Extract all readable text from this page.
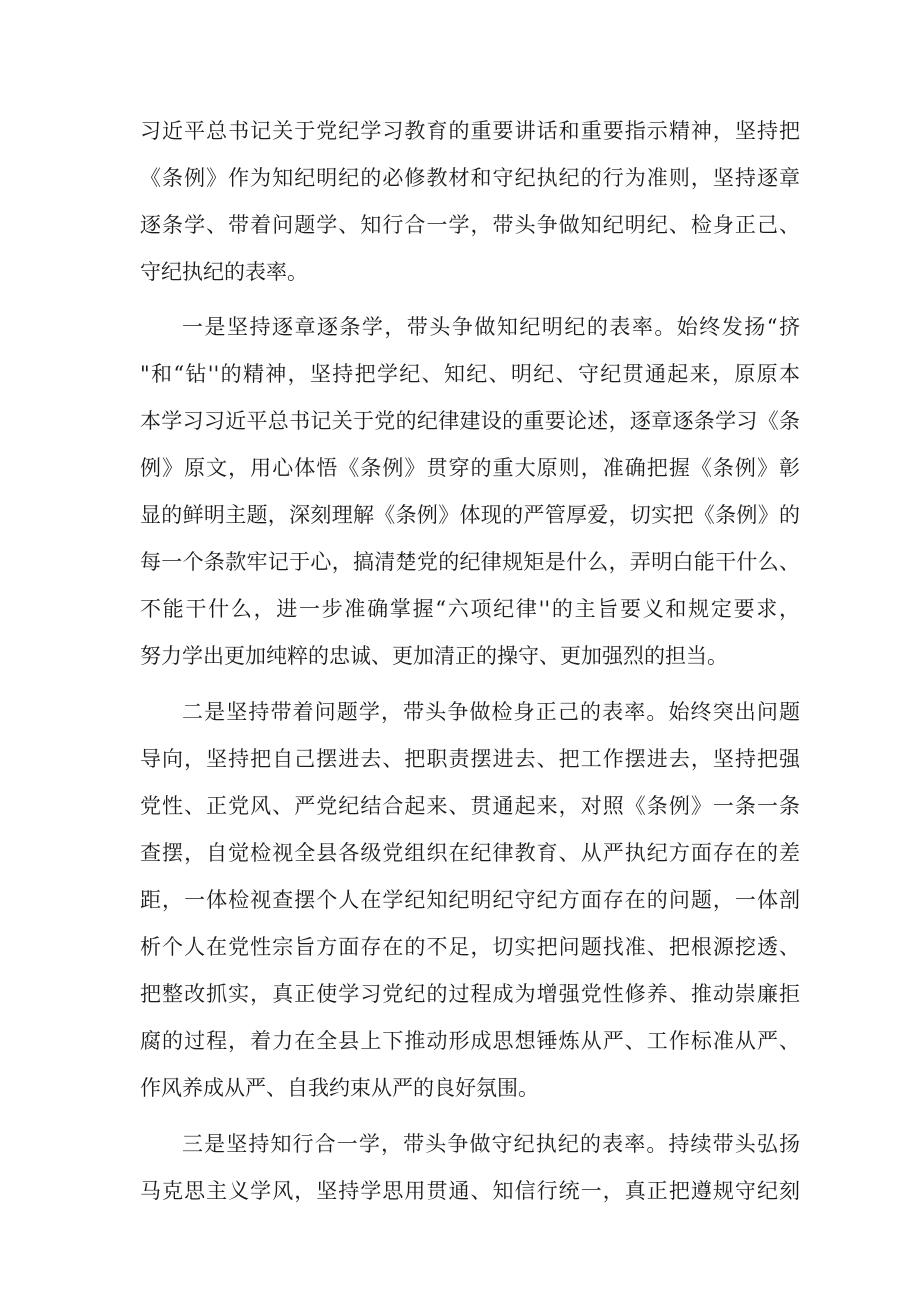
习近平总书记关于党纪学习教育的重要讲话和重要指示精神，坚持把

《条例》作为知纪明纪的必修教材和守纪执纪的行为准则，坚持逐章

逐条学、带着问题学、知行合一学，带头争做知纪明纪、检身正己、

守纪执纪的表率。

一是坚持逐章逐条学，带头争做知纪明纪的表率。始终发扬“挤

"和“钻''的精神，坚持把学纪、知纪、明纪、守纪贯通起来，原原本

本学习习近平总书记关于党的纪律建设的重要论述，逐章逐条学习《条

例》原文，用心体悟《条例》贯穿的重大原则，准确把握《条例》彰

显的鲜明主题，深刻理解《条例》体现的严管厚爱，切实把《条例》的

每一个条款牢记于心，搞清楚党的纪律规矩是什么，弄明白能干什么、

不能干什么，进一步准确掌握“六项纪律''的主旨要义和规定要求，

努力学出更加纯粹的忠诚、更加清正的操守、更加强烈的担当。

二是坚持带着问题学，带头争做检身正己的表率。始终突出问题

导向，坚持把自己摆进去、把职责摆进去、把工作摆进去，坚持把强

党性、正党风、严党纪结合起来、贯通起来，对照《条例》一条一条

查摆，自觉检视全县各级党组织在纪律教育、从严执纪方面存在的差

距，一体检视查摆个人在学纪知纪明纪守纪方面存在的问题，一体剖

析个人在党性宗旨方面存在的不足，切实把问题找准、把根源挖透、

把整改抓实，真正使学习党纪的过程成为增强党性修养、推动崇廉拒

腐的过程，着力在全县上下推动形成思想锤炼从严、工作标准从严、

作风养成从严、自我约束从严的良好氛围。

三是坚持知行合一学，带头争做守纪执纪的表率。持续带头弘扬

马克思主义学风，坚持学思用贯通、知信行统一，真正把遵规守纪刻
